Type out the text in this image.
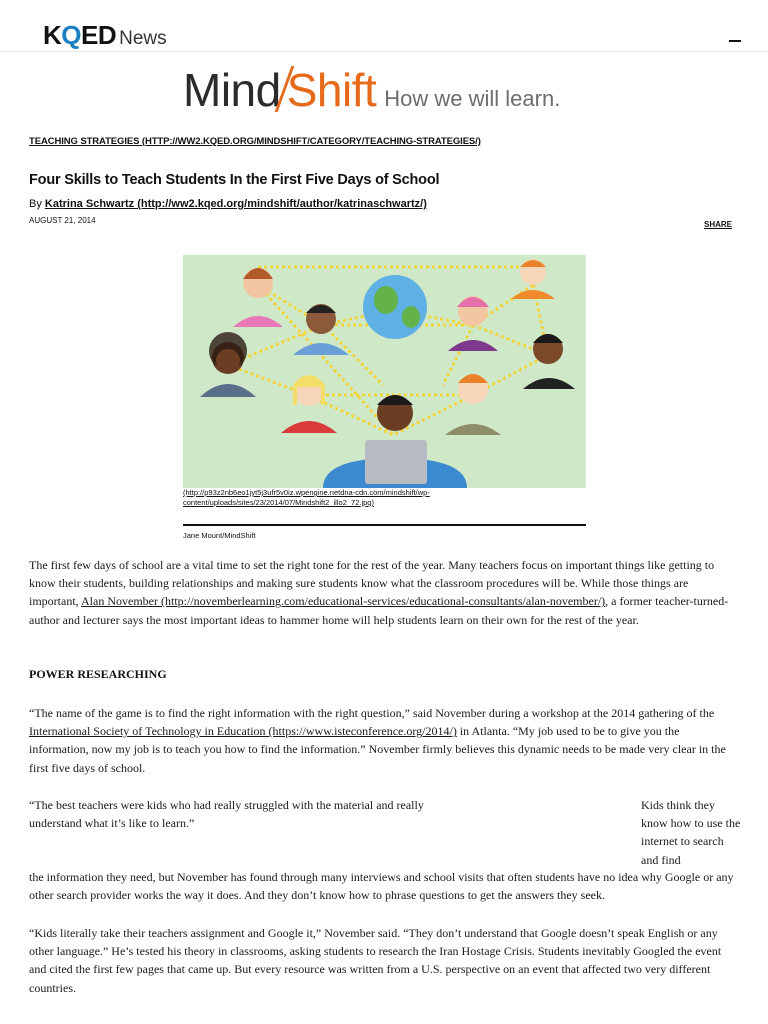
KQED News
Mind Shift How we will learn.
TEACHING STRATEGIES (HTTP://WW2.KQED.ORG/MINDSHIFT/CATEGORY/TEACHING-STRATEGIES/)
Four Skills to Teach Students In the First Five Days of School
By Katrina Schwartz (http://ww2.kqed.org/mindshift/author/katrinaschwartz/)
AUGUST 21, 2014	SHARE
(http://p93z2nb6eo1jyt5j3ufr5v0iz.wpengine.netdna-cdn.com/mindshift/wp-content/uploads/sites/23/2014/07/Mindshift2_illo2_72.jpg)
Jane Mount/MindShift

The first few days of school are a vital time to set the right tone for the rest of the year. Many teachers focus on important things like getting to know their students, building relationships and making sure students know what the classroom procedures will be. While those things are important, Alan November (http://novemberlearning.com/educational-services/educational-consultants/alan-november/), a former teacher-turned-author and lecturer says the most important ideas to hammer home will help students learn on their own for the rest of the year.

POWER RESEARCHING

“The name of the game is to find the right information with the right question,” said November during a workshop at the 2014 gathering of the International Society of Technology in Education (https://www.isteconference.org/2014/) in Atlanta. “My job used to be to give you the information, now my job is to teach you how to find the information.” November firmly believes this dynamic needs to be made very clear in the first five days of school.

“The best teachers were kids who had really struggled with the material and really understand what it’s like to learn.”

Kids think they know how to use the internet to search and find

the information they need, but November has found through many interviews and school visits that often students have no idea why Google or any other search provider works the way it does. And they don’t know how to phrase questions to get the answers they seek.

“Kids literally take their teachers assignment and Google it,” November said. “They don’t understand that Google doesn’t speak English or any other language.” He’s tested his theory in classrooms, asking students to research the Iran Hostage Crisis. Students inevitably Googled the event and cited the first few pages that came up. But every resource was written from a U.S. perspective on an event that affected two very different countries.
